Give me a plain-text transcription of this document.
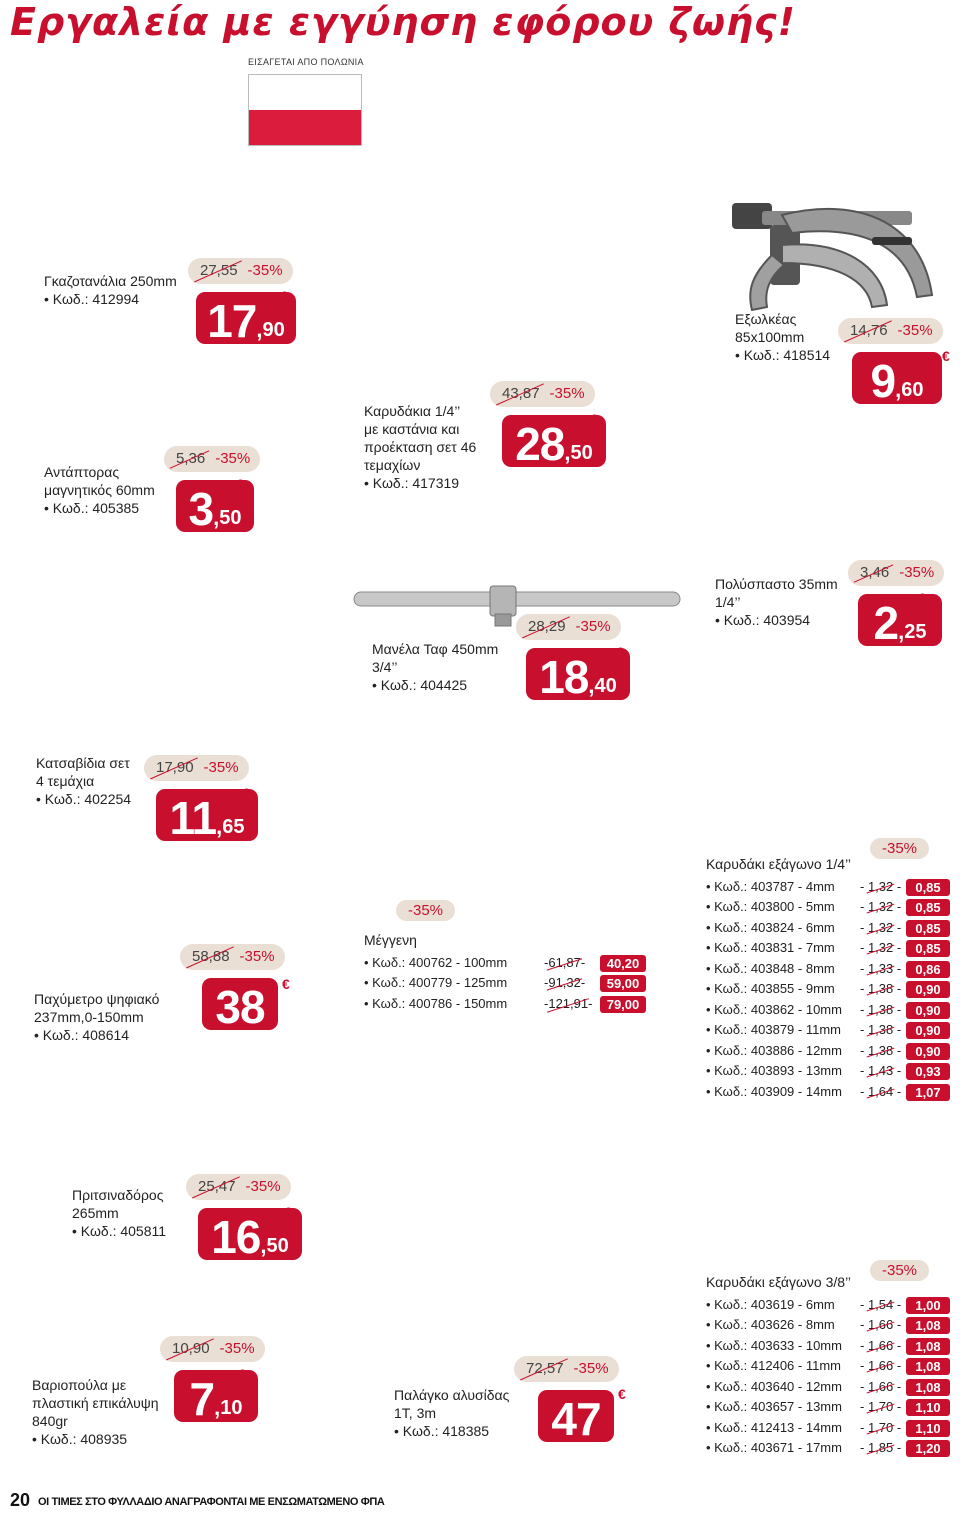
Εργαλεία με εγγύηση εφόρου ζωής!
ΕΙΣΑΓΕΤΑΙ ΑΠΟ ΠΟΛΩΝΙΑ
Γκαζοτανάλια 250mm
• Κωδ.: 412994
27,55 -35%
17 , 90
Αντάπτορας
μαγνητικός 60mm
• Κωδ.: 405385
5,36 -35%
3 , 50
Καρυδάκια 1/4’’
με καστάνια και
προέκταση σετ 46
τεμαχίων
• Κωδ.: 417319
43,87 -35%
28 , 50
Εξωλκέας
85x100mm
• Κωδ.: 418514
14,76 -35%
€
9 , 60
Μανέλα Ταφ 450mm
3/4’’
• Κωδ.: 404425
28,29 -35%
18 , 40
Πολύσπαστο 35mm
1/4’’
• Κωδ.: 403954
3,46 -35%
2 , 25
Κατσαβίδια σετ
4 τεμάχια
• Κωδ.: 402254
17,90 -35%
11 , 65
Παχύμετρο ψηφιακό
237mm,0-150mm
• Κωδ.: 408614
58,88 -35%
€
38
-35%
Μέγγενη
• Κωδ.: 400762 - 100mm	-61,87-	40,20
• Κωδ.: 400779 - 125mm	-91,32-	59,00
• Κωδ.: 400786 - 150mm	-121,91-	79,00
-35%
Καρυδάκι εξάγωνο 1/4’’
• Κωδ.: 403787 - 4mm - 1,32 -	0,85
• Κωδ.: 403800 - 5mm - 1,32 -	0,85
• Κωδ.: 403824 - 6mm - 1,32 -	0,85
• Κωδ.: 403831 - 7mm - 1,32 -	0,85
• Κωδ.: 403848 - 8mm - 1,33 -	0,86
• Κωδ.: 403855 - 9mm - 1,38 -	0,90
• Κωδ.: 403862 - 10mm - 1,38 -	0,90
• Κωδ.: 403879 - 11mm - 1,38 -	0,90
• Κωδ.: 403886 - 12mm - 1,38 -	0,90
• Κωδ.: 403893 - 13mm - 1,43 -	0,93
• Κωδ.: 403909 - 14mm - 1,64 -	1,07
Πριτσιναδόρος
265mm
• Κωδ.: 405811
25,47 -35%
16 , 50
Βαριοπούλα με
πλαστική επικάλυψη
840gr
• Κωδ.: 408935
10,90 -35%
7 , 10
Παλάγκο αλυσίδας
1T, 3m
• Κωδ.: 418385
72,57 -35%
€
47
-35%
Καρυδάκι εξάγωνο 3/8’’
• Κωδ.: 403619 - 6mm - 1,54 -	1,00
• Κωδ.: 403626 - 8mm - 1,66 -	1,08
• Κωδ.: 403633 - 10mm - 1,66 -	1,08
• Κωδ.: 412406 - 11mm - 1,66 -	1,08
• Κωδ.: 403640 - 12mm - 1,66 -	1,08
• Κωδ.: 403657 - 13mm - 1,70 -	1,10
• Κωδ.: 412413 - 14mm - 1,70 -	1,10
• Κωδ.: 403671 - 17mm - 1,85 -	1,20
20 ΟΙ ΤΙΜΕΣ ΣΤΟ ΦΥΛΛΑΔΙΟ ΑΝΑΓΡΑΦΟΝΤΑΙ ΜΕ ΕΝΣΩΜΑΤΩΜΕΝΟ ΦΠΑ
